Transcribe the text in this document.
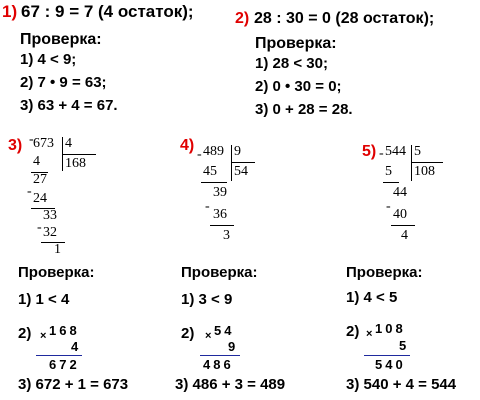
1) 67 : 9 = 7 (4 остаток);
Проверка:
1) 4 < 9;
2) 7 • 9 = 63;
3) 63 + 4 = 67.
2) 28 : 30 = 0 (28 остаток);
Проверка:
1) 28 < 30;
2) 0 • 30 = 0;
3) 0 + 28 = 28.
3) - 673 4
168
4
27
- 24
33
- 32
1
Проверка:
1) 1 < 4
2) × 168
4
672
3) 672 + 1 = 673
4)
- 489 9
54
45
39
-
36
3
Проверка:
1) 3 < 9
2) × 54
9
486
3) 486 + 3 = 489
5) - 544 5
108
5
44
-
40
4
Проверка:
1) 4 < 5
2) × 108
5
540
3) 540 + 4 = 544
